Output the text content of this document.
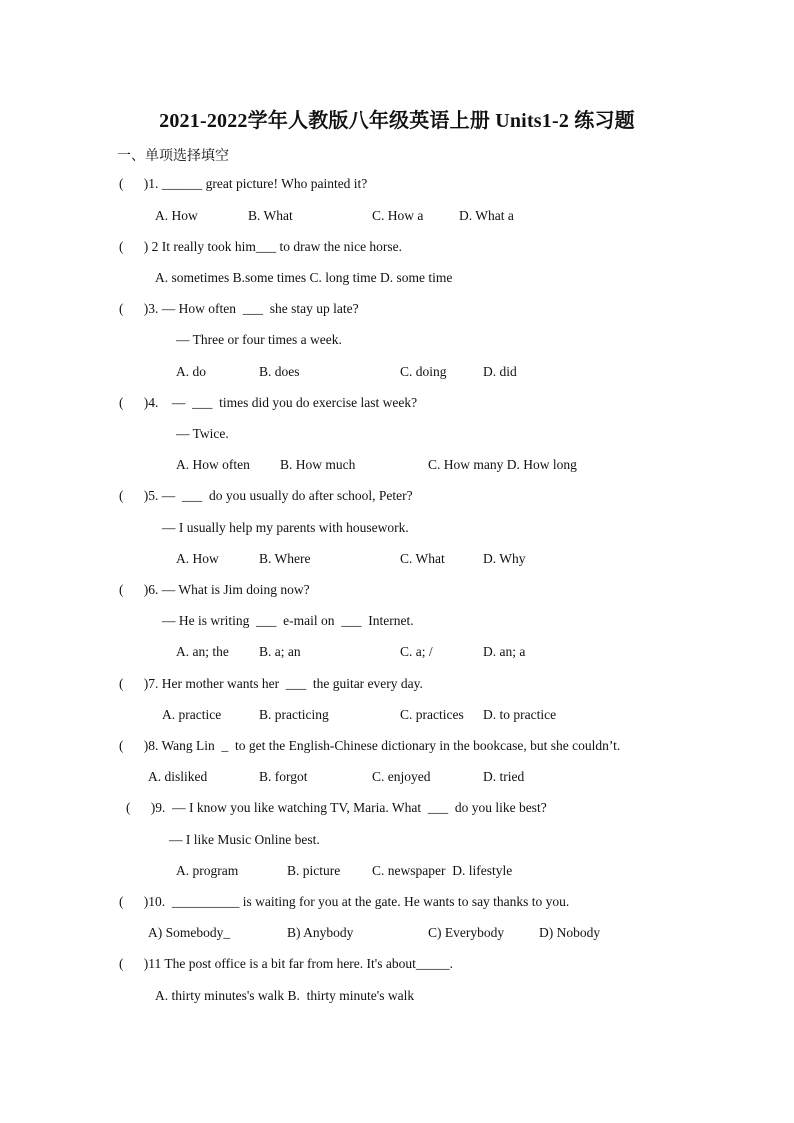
2021-2022学年人教版八年级英语上册 Units1-2 练习题
一、单项选择填空
(      )1. ______ great picture! Who painted it?
A. How	B. What	C. How a	D. What a
(      ) 2 It really took him___ to draw the nice horse.
A. sometimes B.some times C. long time D. some time
(      )3. — How often  ___  she stay up late?
— Three or four times a week.
A. do	B. does	C. doing	D. did
(      )4.    —  ___  times did you do exercise last week?
— Twice.
A. How often B. How much	C. How many D. How long
(      )5. —  ___  do you usually do after school, Peter?
— I usually help my parents with housework.
A. How	B. Where	C. What	D. Why
(      )6. — What is Jim doing now?
— He is writing  ___  e-mail on  ___  Internet.
A. an; the B. a; an	C. a; /	D. an; a
(      )7. Her mother wants her  ___  the guitar every day.
A. practice	B. practicing	C. practices D. to practice
(      )8. Wang Lin  _  to get the English-Chinese dictionary in the bookcase, but she couldn’t.
A. disliked	B. forgot	C. enjoyed	D. tried
(      )9.  — I know you like watching TV, Maria. What  ___  do you like best?
— I like Music Online best.
A. program	B. picture C. newspaper  D. lifestyle
(      )10.  __________ is waiting for you at the gate. He wants to say thanks to you.
A) Somebody_	B) Anybody	C) Everybody	D) Nobody
(      )11 The post office is a bit far from here. It's about_____.
A. thirty minutes's walk B.  thirty minute's walk
